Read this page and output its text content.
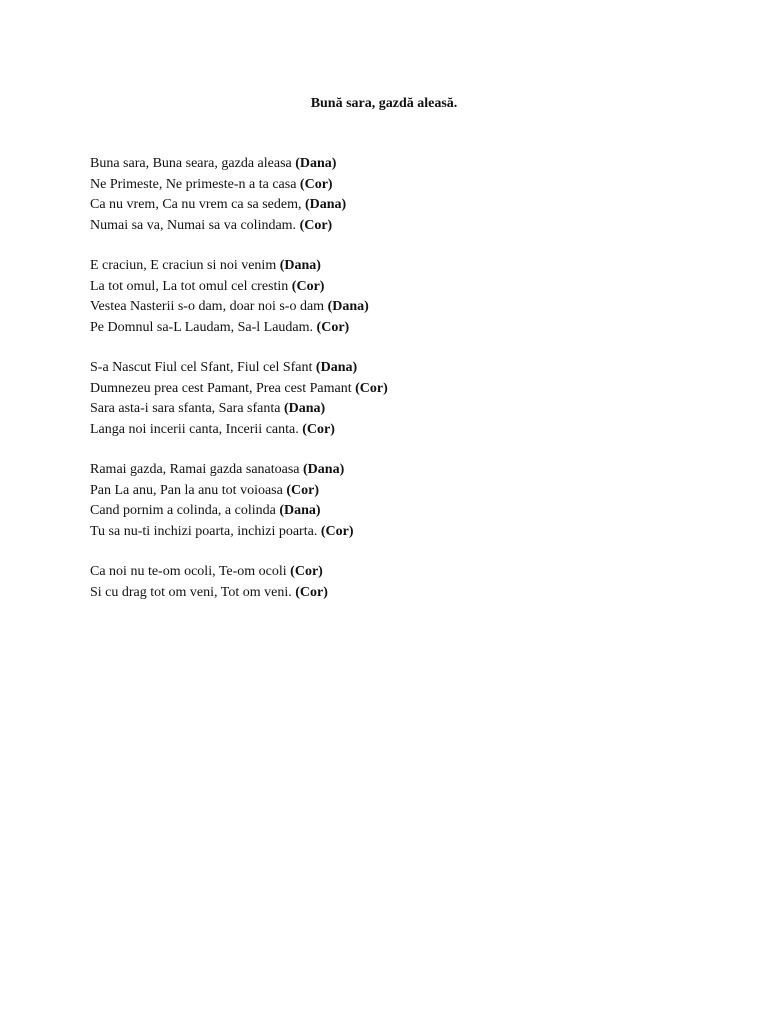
Bună sara, gazdă aleasă.
Buna sara, Buna seara, gazda aleasa (Dana)
Ne Primeste, Ne primeste-n a ta casa (Cor)
Ca nu vrem, Ca nu vrem ca sa sedem, (Dana)
Numai sa va, Numai sa va colindam. (Cor)
E craciun, E craciun si noi venim (Dana)
La tot omul, La tot omul cel crestin (Cor)
Vestea Nasterii s-o dam, doar noi s-o dam (Dana)
Pe Domnul sa-L Laudam, Sa-l Laudam. (Cor)
S-a Nascut Fiul cel Sfant, Fiul cel Sfant (Dana)
Dumnezeu prea cest Pamant, Prea cest Pamant (Cor)
Sara asta-i sara sfanta, Sara sfanta (Dana)
Langa noi incerii canta, Incerii canta. (Cor)
Ramai gazda, Ramai gazda sanatoasa (Dana)
Pan La anu, Pan la anu tot voioasa (Cor)
Cand pornim a colinda, a colinda (Dana)
Tu sa nu-ti inchizi poarta, inchizi poarta. (Cor)
Ca noi nu te-om ocoli, Te-om ocoli (Cor)
Si cu drag tot om veni, Tot om veni. (Cor)
